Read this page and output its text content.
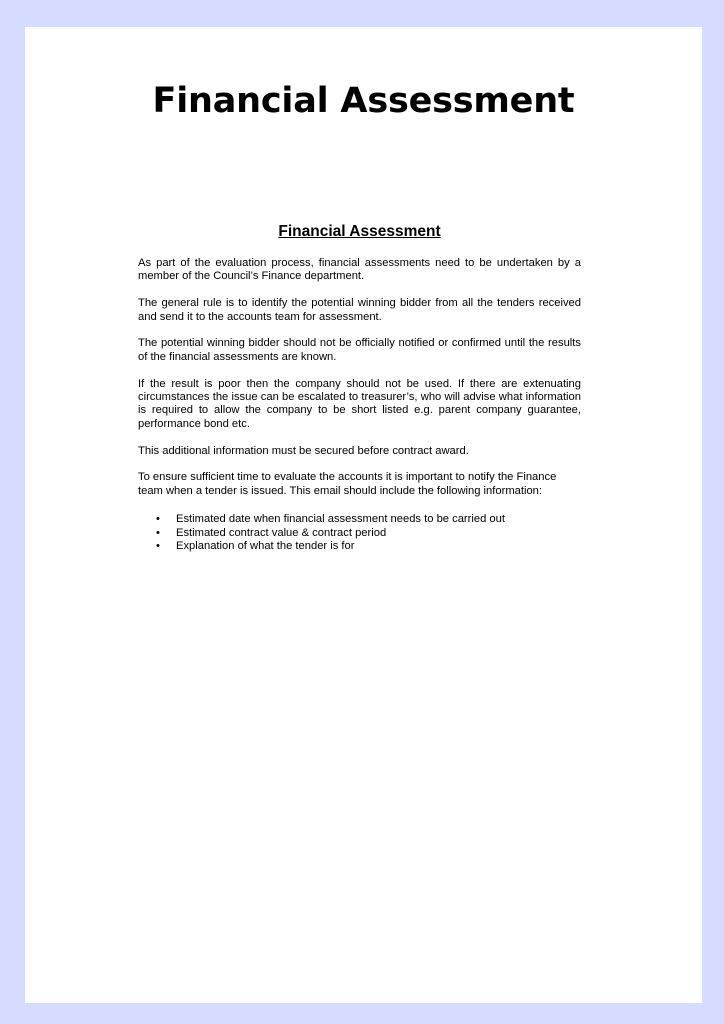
Financial Assessment
Financial Assessment

As part of the evaluation process, financial assessments need to be undertaken by a member of the Council’s Finance department.

The general rule is to identify the potential winning bidder from all the tenders received and send it to the accounts team for assessment.

The potential winning bidder should not be officially notified or confirmed until the results of the financial assessments are known.

If the result is poor then the company should not be used. If there are extenuating circumstances the issue can be escalated to treasurer’s, who will advise what information is required to allow the company to be short listed e.g. parent company guarantee, performance bond etc.

This additional information must be secured before contract award.

To ensure sufficient time to evaluate the accounts it is important to notify the Finance team when a tender is issued. This email should include the following information:

• Estimated date when financial assessment needs to be carried out
• Estimated contract value & contract period
• Explanation of what the tender is for
